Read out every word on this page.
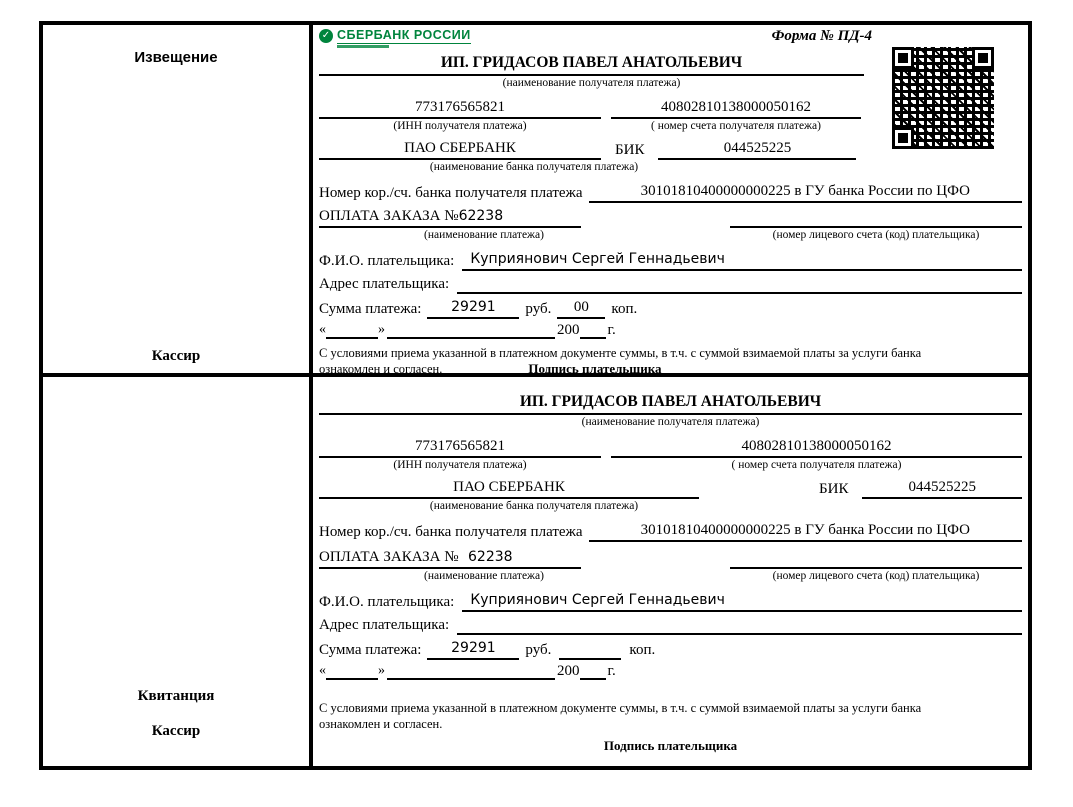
Извещение
Кассир
✓ СБЕРБАНК РОССИИ	Форма № ПД-4
ИП. ГРИДАСОВ ПАВЕЛ АНАТОЛЬЕВИЧ
(наименование получателя платежа)
773176565821	40802810138000050162
(ИНН получателя платежа)	( номер счета получателя платежа)
ПАО СБЕРБАНК	БИК	044525225
(наименование банка получателя платежа)
Номер кор./сч. банка получателя платежа	30101810400000000225 в ГУ банка России по ЦФО
ОПЛАТА ЗАКАЗА №62238
(наименование платежа)	(номер лицевого счета (код) плательщика)
Ф.И.О. плательщика:	Куприянович Сергей Геннадьевич
Адрес плательщика:
Сумма платежа:	29291	руб.	00	коп.
«	»	200 г.
С условиями приема указанной в платежном документе суммы, в т.ч. с суммой взимаемой платы за услуги банка
ознакомлен и согласен.	Подпись плательщика
Квитанция
Кассир
ИП. ГРИДАСОВ ПАВЕЛ АНАТОЛЬЕВИЧ
(наименование получателя платежа)
773176565821	40802810138000050162
(ИНН получателя платежа)	( номер счета получателя платежа)
ПАО СБЕРБАНК	БИК	044525225
(наименование банка получателя платежа)
Номер кор./сч. банка получателя платежа	30101810400000000225 в ГУ банка России по ЦФО
ОПЛАТА ЗАКАЗА № 62238
(наименование платежа)	(номер лицевого счета (код) плательщика)
Ф.И.О. плательщика:	Куприянович Сергей Геннадьевич
Адрес плательщика:
Сумма платежа:	29291	руб.	коп.
«	»	200 г.
С условиями приема указанной в платежном документе суммы, в т.ч. с суммой взимаемой платы за услуги банка
ознакомлен и согласен.
Подпись плательщика
